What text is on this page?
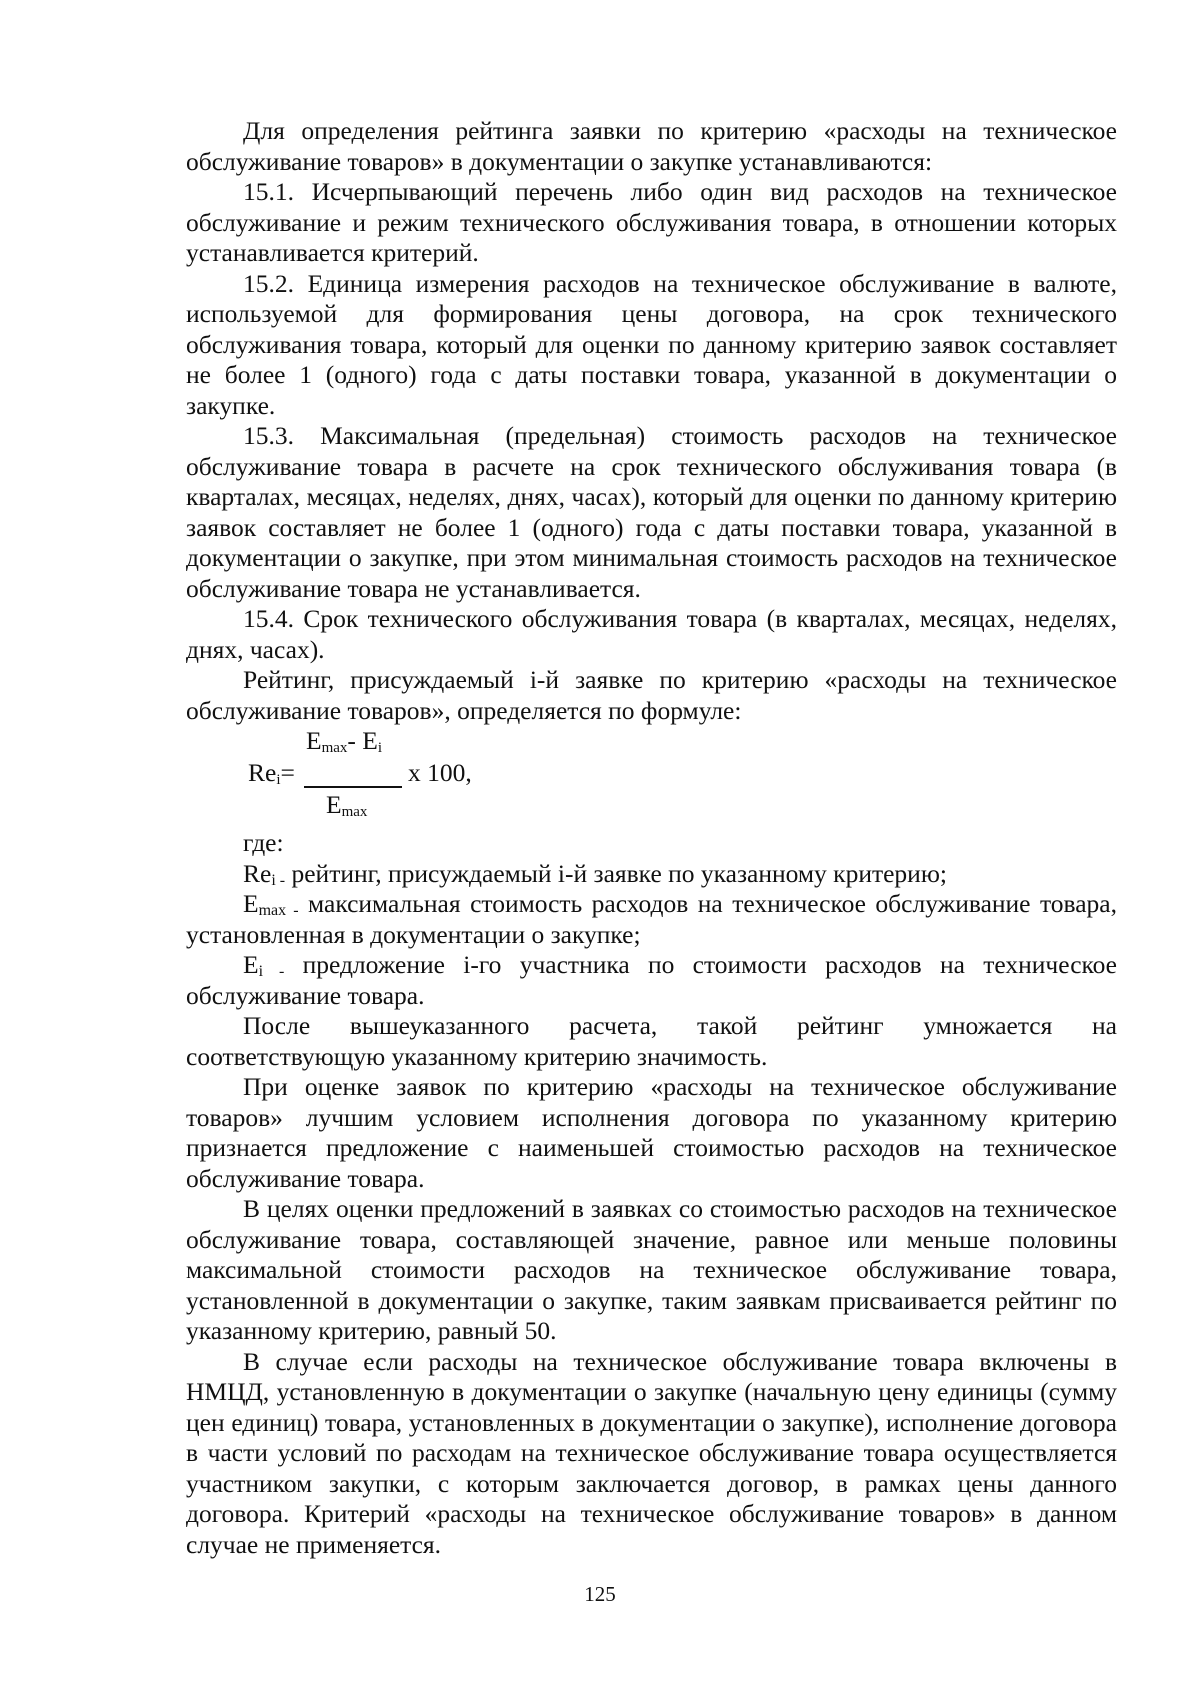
Для определения рейтинга заявки по критерию «расходы на техническое обслуживание товаров» в документации о закупке устанавливаются:

15.1. Исчерпывающий перечень либо один вид расходов на техническое обслуживание и режим технического обслуживания товара, в отношении которых устанавливается критерий.

15.2. Единица измерения расходов на техническое обслуживание в валюте, используемой для формирования цены договора, на срок технического обслуживания товара, который для оценки по данному критерию заявок составляет не более 1 (одного) года с даты поставки товара, указанной в документации о закупке.

15.3. Максимальная (предельная) стоимость расходов на техническое обслуживание товара в расчете на срок технического обслуживания товара (в кварталах, месяцах, неделях, днях, часах), который для оценки по данному критерию заявок составляет не более 1 (одного) года с даты поставки товара, указанной в документации о закупке, при этом минимальная стоимость расходов на техническое обслуживание товара не устанавливается.

15.4. Срок технического обслуживания товара (в кварталах, месяцах, неделях, днях, часах).

Рейтинг, присуждаемый i-й заявке по критерию «расходы на техническое обслуживание товаров», определяется по формуле:

$E_{max}-$ $E_i$
$Re_i=$	x 100,
$E_{max}$

где:

$Re_{i -}$ рейтинг, присуждаемый i-й заявке по указанному критерию;

$E_{max -}$ максимальная стоимость расходов на техническое обслуживание товара, установленная в документации о закупке;

$E_{i -}$ предложение i-го участника по стоимости расходов на техническое обслуживание товара.

После вышеуказанного расчета, такой рейтинг умножается на соответствующую указанному критерию значимость.

При оценке заявок по критерию «расходы на техническое обслуживание товаров» лучшим условием исполнения договора по указанному критерию признается предложение с наименьшей стоимостью расходов на техническое обслуживание товара.

В целях оценки предложений в заявках со стоимостью расходов на техническое обслуживание товара, составляющей значение, равное или меньше половины максимальной стоимости расходов на техническое обслуживание товара, установленной в документации о закупке, таким заявкам присваивается рейтинг по указанному критерию, равный 50.

В случае если расходы на техническое обслуживание товара включены в НМЦД, установленную в документации о закупке (начальную цену единицы (сумму цен единиц) товара, установленных в документации о закупке), исполнение договора в части условий по расходам на техническое обслуживание товара осуществляется участником закупки, с которым заключается договор, в рамках цены данного договора. Критерий «расходы на техническое обслуживание товаров» в данном случае не применяется.

125
